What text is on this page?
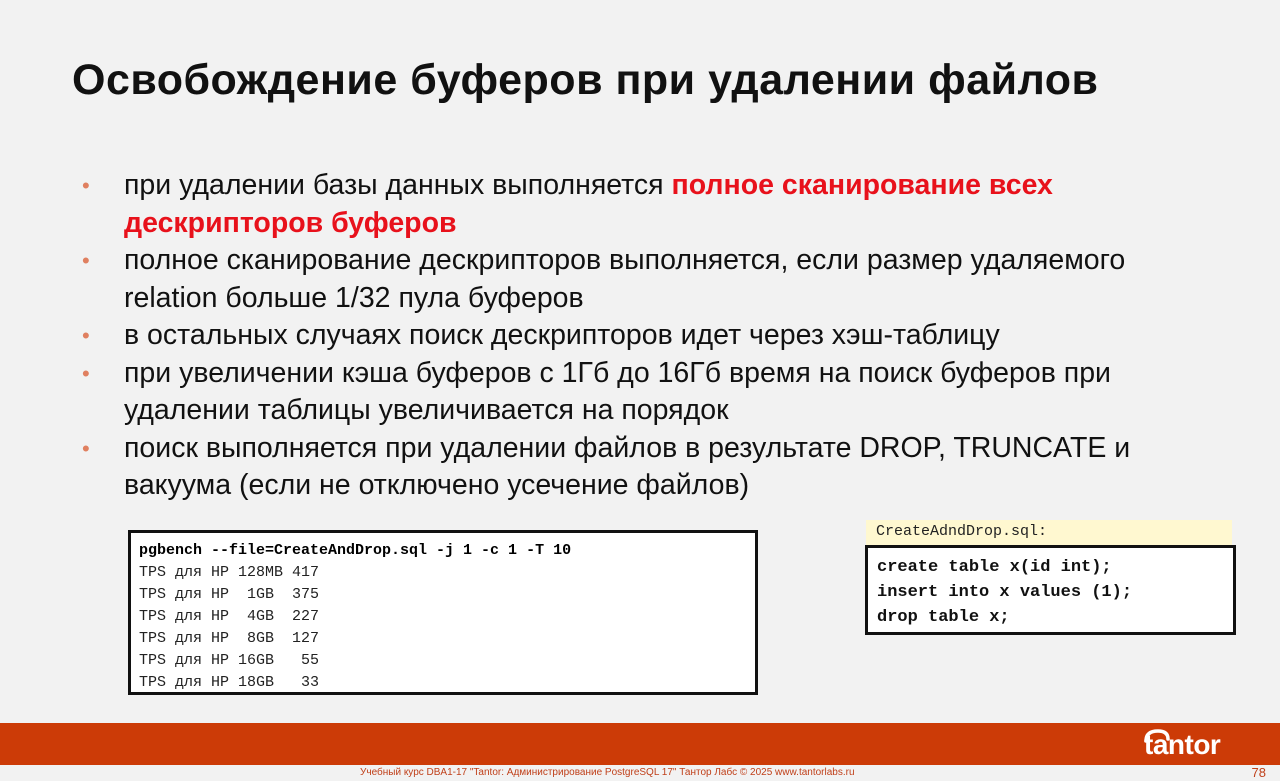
Освобождение буферов при удалении файлов
• при удалении базы данных выполняется полное сканирование всех дескрипторов буферов
• полное сканирование дескрипторов выполняется, если размер удаляемого relation больше 1/32 пула буферов
• в остальных случаях поиск дескрипторов идет через хэш-таблицу
• при увеличении кэша буферов с 1Гб до 16Гб время на поиск буферов при удалении таблицы увеличивается на порядок
• поиск выполняется при удалении файлов в результате DROP, TRUNCATE и вакуума (если не отключено усечение файлов)
pgbench --file=CreateAndDrop.sql -j 1 -c 1 -T 10
TPS для HP 128MB 417
TPS для HP  1GB  375
TPS для HP  4GB  227
TPS для HP  8GB  127
TPS для HP 16GB   55
TPS для HP 18GB   33
CreateAdndDrop.sql:
create table x(id int);
insert into x values (1);
drop table x;
tantor
Учебный курс DBA1-17 "Tantor: Администрирование PostgreSQL 17" Тантор Лабс © 2025 www.tantorlabs.ru	78
